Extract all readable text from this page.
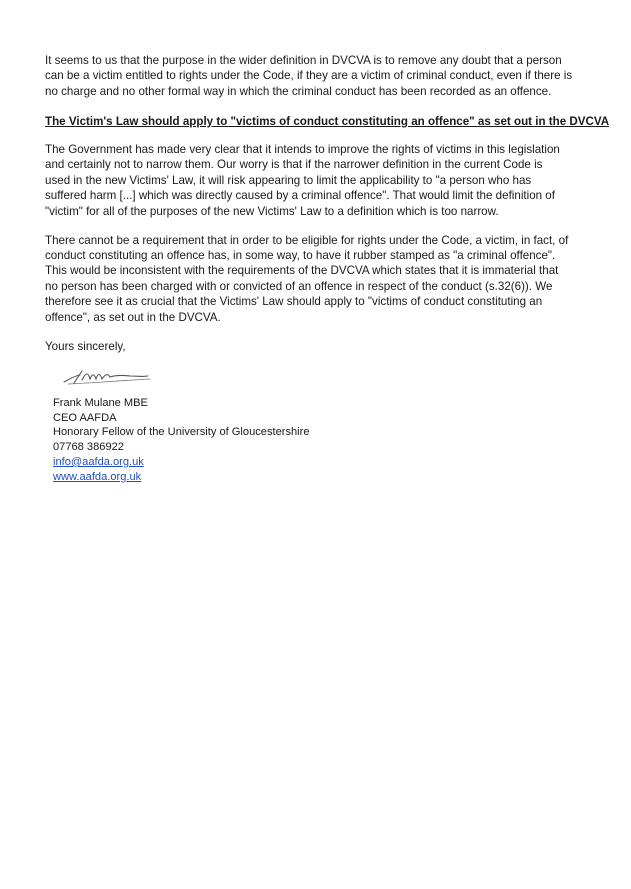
It seems to us that the purpose in the wider definition in DVCVA is to remove any doubt that a person
can be a victim entitled to rights under the Code, if they are a victim of criminal conduct, even if there is
no charge and no other formal way in which the criminal conduct has been recorded as an offence.
The Victim's Law should apply to "victims of conduct constituting an offence" as set out in the DVCVA
The Government has made very clear that it intends to improve the rights of victims in this legislation
and certainly not to narrow them. Our worry is that if the narrower definition in the current Code is
used in the new Victims' Law, it will risk appearing to limit the applicability to "a person who has
suffered harm [...] which was directly caused by a criminal offence". That would limit the definition of
"victim" for all of the purposes of the new Victims' Law to a definition which is too narrow.
There cannot be a requirement that in order to be eligible for rights under the Code, a victim, in fact, of
conduct constituting an offence has, in some way, to have it rubber stamped as "a criminal offence".
This would be inconsistent with the requirements of the DVCVA which states that it is immaterial that
no person has been charged with or convicted of an offence in respect of the conduct (s.32(6)). We
therefore see it as crucial that the Victims' Law should apply to "victims of conduct constituting an
offence", as set out in the DVCVA.
Yours sincerely,
Frank Mulane MBE
CEO AAFDA
Honorary Fellow of the University of Gloucestershire
07768 386922
info@aafda.org.uk
www.aafda.org.uk
